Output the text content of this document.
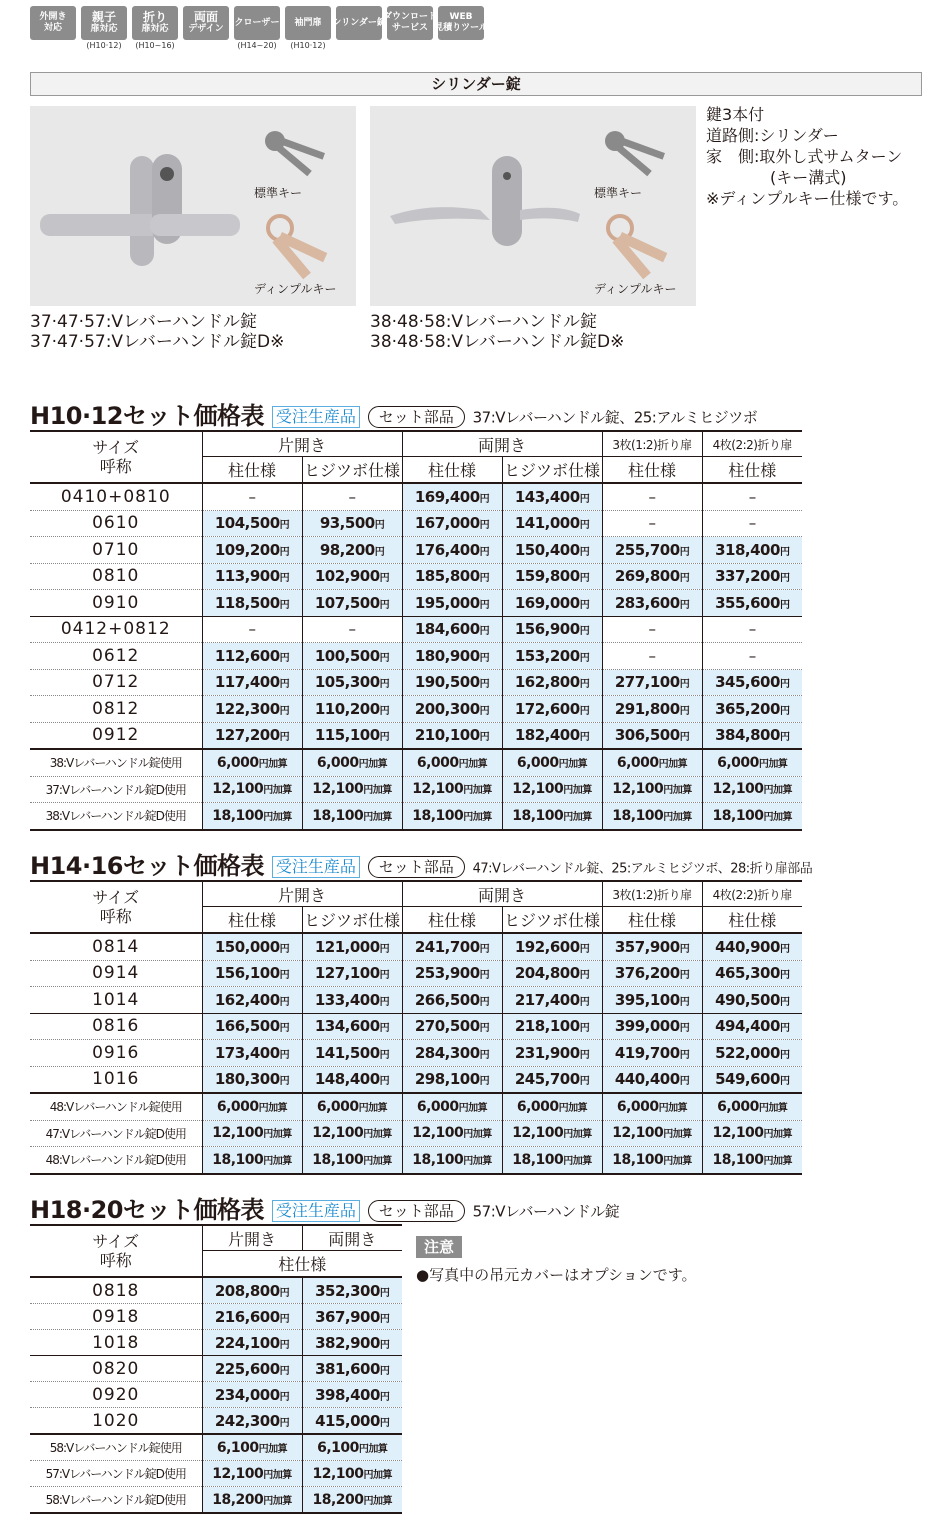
外開き
対応
親子
扉対応
(H10·12)
折り
扉対応
(H10~16)
両面
デザイン
クローザー
(H14~20)
袖門扉
(H10·12)
シリンダー錠
ダウンロード
サービス
WEB
見積りツール
シリンダー錠
標準キー
ディンプルキー
標準キー
ディンプルキー
37·47·57:Vレバーハンドル錠
37·47·57:Vレバーハンドル錠D※
38·48·58:Vレバーハンドル錠
38·48·58:Vレバーハンドル錠D※
鍵3本付
道路側:シリンダー
家　側:取外し式サムターン
　　　　(キー溝式)
※ディンプルキー仕様です。
H10·12セット価格表 受注生産品 セット部品 37:Vレバーハンドル錠、25:アルミヒジツボ
サイズ
呼称	片開き		両開き		3枚(1:2)折り扉	4枚(2:2)折り扉
	柱仕様	ヒジツボ仕様	柱仕様	ヒジツボ仕様	柱仕様	柱仕様
0410+0810	–	–	169,400円	143,400円	–	–
0610	104,500円	93,500円	167,000円	141,000円	–	–
0710	109,200円	98,200円	176,400円	150,400円	255,700円	318,400円
0810	113,900円	102,900円	185,800円	159,800円	269,800円	337,200円
0910	118,500円	107,500円	195,000円	169,000円	283,600円	355,600円
0412+0812	–	–	184,600円	156,900円	–	–
0612	112,600円	100,500円	180,900円	153,200円	–	–
0712	117,400円	105,300円	190,500円	162,800円	277,100円	345,600円
0812	122,300円	110,200円	200,300円	172,600円	291,800円	365,200円
0912	127,200円	115,100円	210,100円	182,400円	306,500円	384,800円
38:Vレバーハンドル錠使用	6,000円加算	6,000円加算	6,000円加算	6,000円加算	6,000円加算	6,000円加算
37:Vレバーハンドル錠D使用	12,100円加算	12,100円加算	12,100円加算	12,100円加算	12,100円加算	12,100円加算
38:Vレバーハンドル錠D使用	18,100円加算	18,100円加算	18,100円加算	18,100円加算	18,100円加算	18,100円加算
H14·16セット価格表 受注生産品 セット部品 47:Vレバーハンドル錠、25:アルミヒジツボ、28:折り扉部品
サイズ
呼称	片開き		両開き		3枚(1:2)折り扉	4枚(2:2)折り扉
	柱仕様	ヒジツボ仕様	柱仕様	ヒジツボ仕様	柱仕様	柱仕様
0814	150,000円	121,000円	241,700円	192,600円	357,900円	440,900円
0914	156,100円	127,100円	253,900円	204,800円	376,200円	465,300円
1014	162,400円	133,400円	266,500円	217,400円	395,100円	490,500円
0816	166,500円	134,600円	270,500円	218,100円	399,000円	494,400円
0916	173,400円	141,500円	284,300円	231,900円	419,700円	522,000円
1016	180,300円	148,400円	298,100円	245,700円	440,400円	549,600円
48:Vレバーハンドル錠使用	6,000円加算	6,000円加算	6,000円加算	6,000円加算	6,000円加算	6,000円加算
47:Vレバーハンドル錠D使用	12,100円加算	12,100円加算	12,100円加算	12,100円加算	12,100円加算	12,100円加算
48:Vレバーハンドル錠D使用	18,100円加算	18,100円加算	18,100円加算	18,100円加算	18,100円加算	18,100円加算
H18·20セット価格表 受注生産品 セット部品 57:Vレバーハンドル錠
サイズ
呼称	片開き	両開き
	柱仕様	
0818	208,800円	352,300円
0918	216,600円	367,900円
1018	224,100円	382,900円
0820	225,600円	381,600円
0920	234,000円	398,400円
1020	242,300円	415,000円
58:Vレバーハンドル錠使用	6,100円加算	6,100円加算
57:Vレバーハンドル錠D使用	12,100円加算	12,100円加算
58:Vレバーハンドル錠D使用	18,200円加算	18,200円加算
注意
●写真中の吊元カバーはオプションです。
